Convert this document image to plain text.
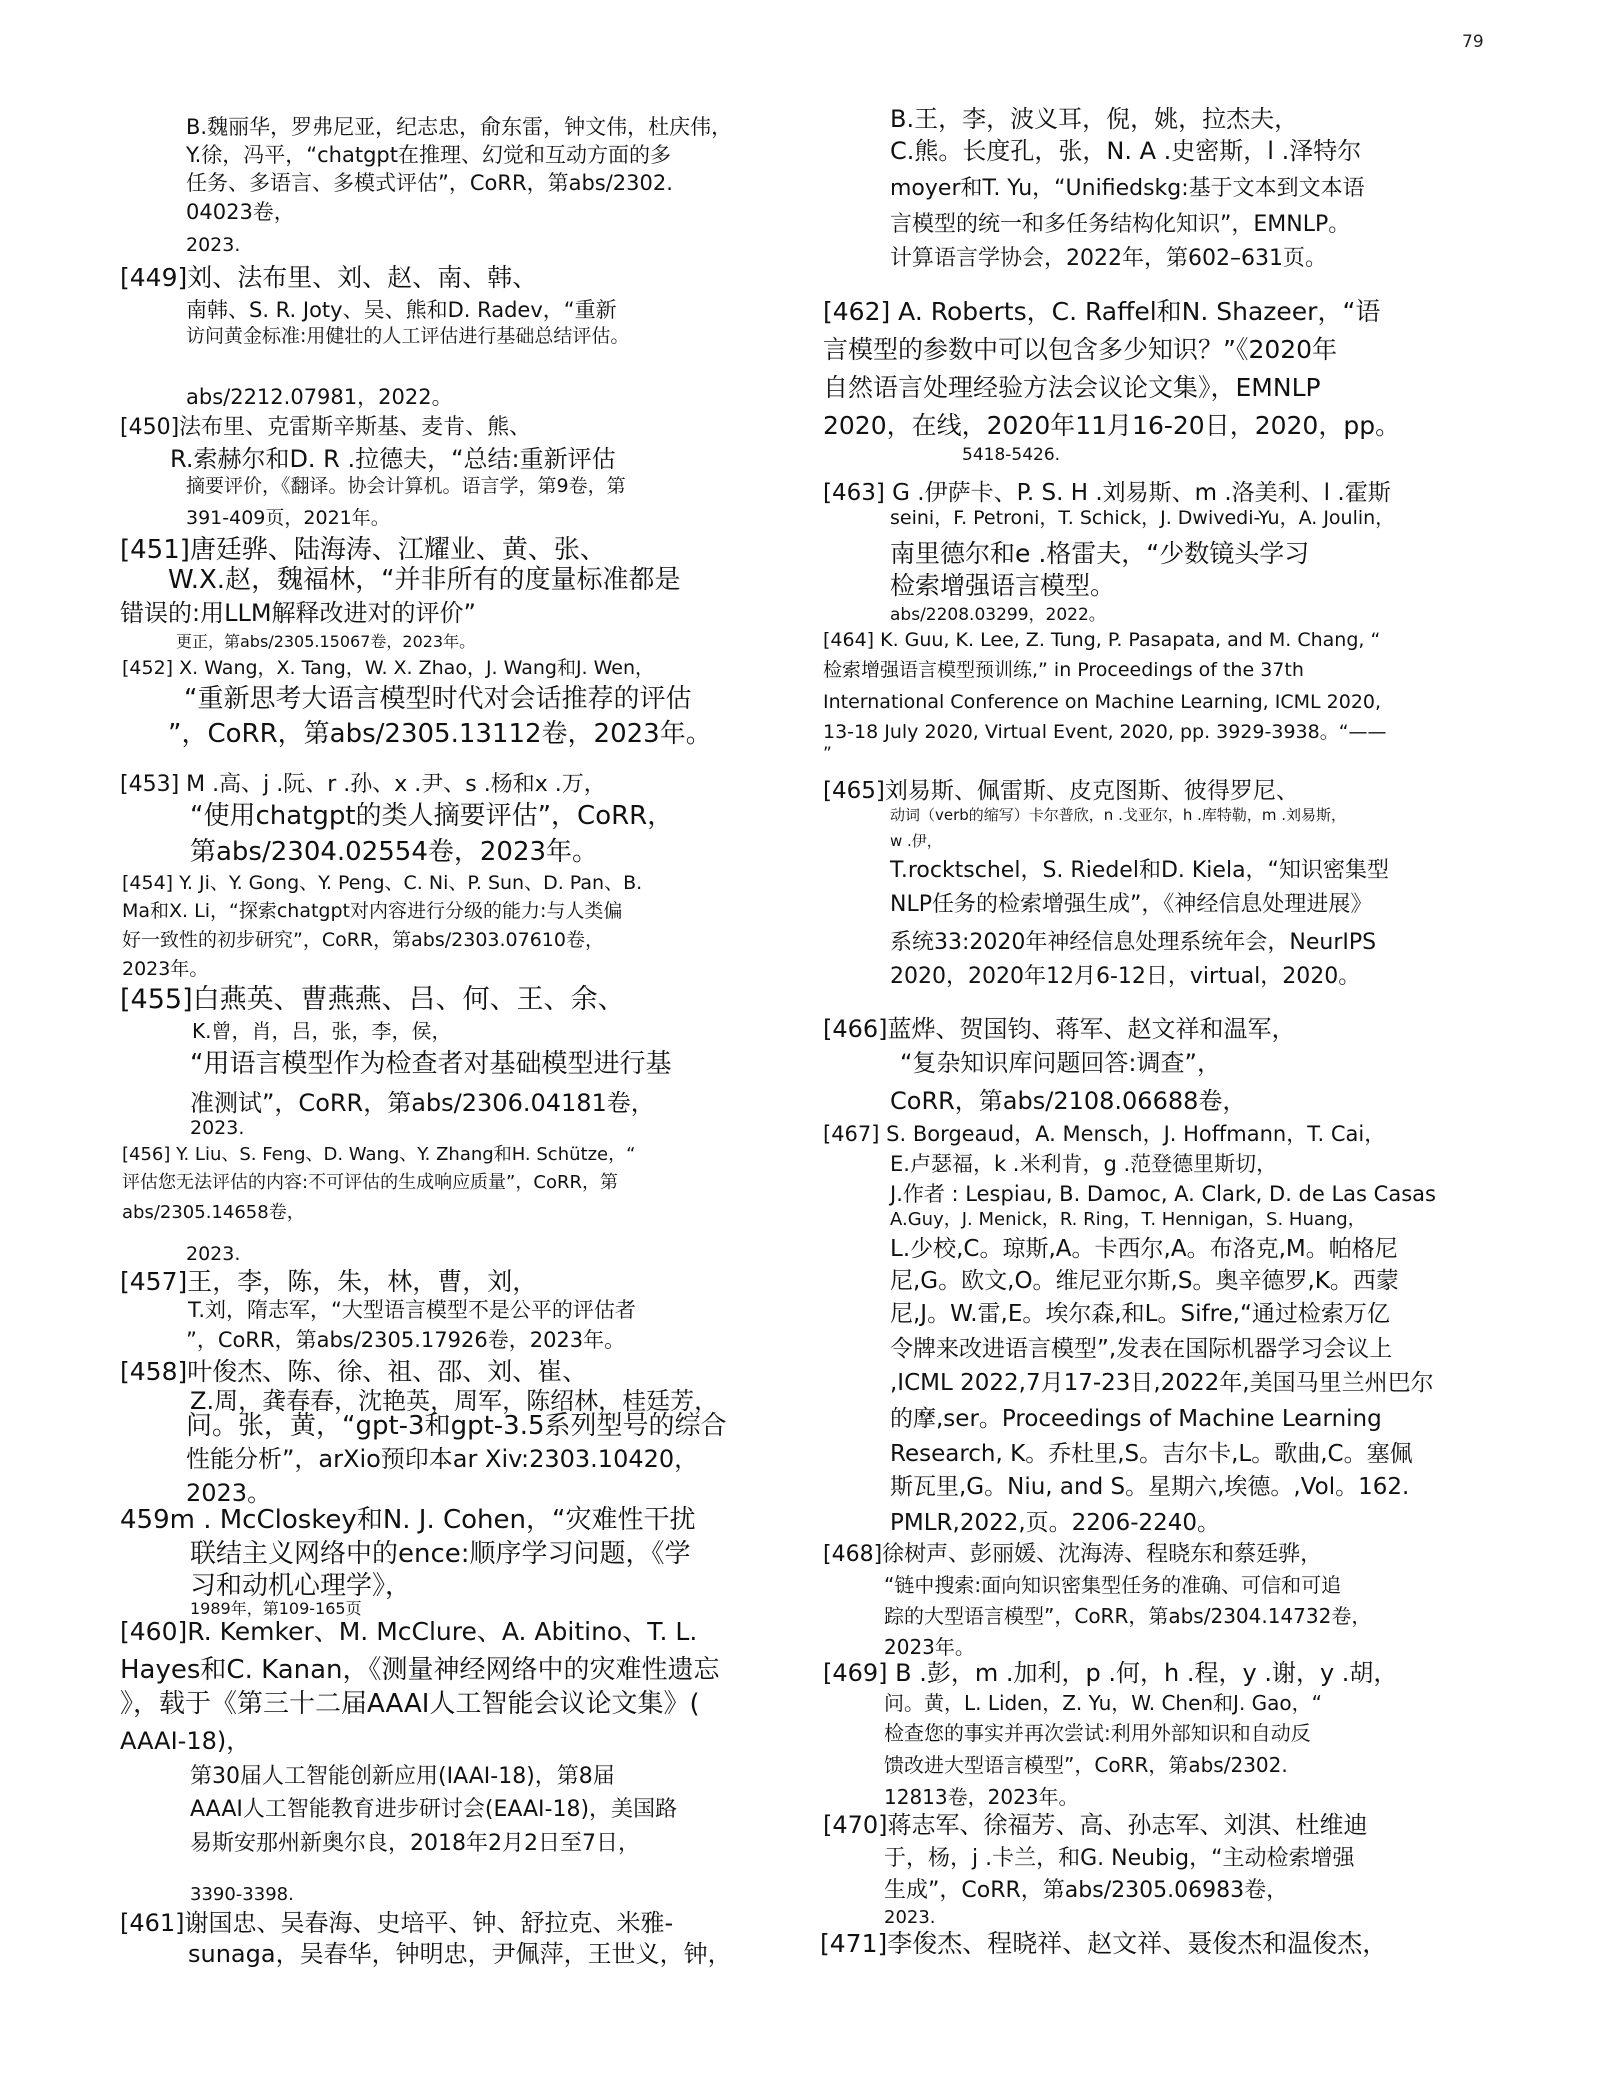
79
B.魏丽华，罗弗尼亚，纪志忠，俞东雷，钟文伟，杜庆伟，
Y.徐，冯平，“chatgpt在推理、幻觉和互动方面的多
任务、多语言、多模式评估”，CoRR，第abs/2302.
04023卷，
2023.
[449]刘、法布里、刘、赵、南、韩、
南韩、S. R. Joty、吴、熊和D. Radev，“重新
访问黄金标准:用健壮的人工评估进行基础总结评估。
abs/2212.07981，2022。
[450]法布里、克雷斯辛斯基、麦肯、熊、
R.索赫尔和D. R .拉德夫，“总结:重新评估
摘要评价，《翻译。协会计算机。语言学，第9卷，第
391-409页，2021年。
[451]唐廷骅、陆海涛、江耀业、黄、张、
W.X.赵，魏福林，“并非所有的度量标准都是
错误的:用LLM解释改进对的评价”
更正，第abs/2305.15067卷，2023年。
[452] X. Wang，X. Tang，W. X. Zhao，J. Wang和J. Wen，
“重新思考大语言模型时代对会话推荐的评估
”，CoRR，第abs/2305.13112卷，2023年。
[453] M .高、j .阮、r .孙、x .尹、s .杨和x .万，
“使用chatgpt的类人摘要评估”，CoRR，
第abs/2304.02554卷，2023年。
[454] Y. Ji、Y. Gong、Y. Peng、C. Ni、P. Sun、D. Pan、B.
Ma和X. Li，“探索chatgpt对内容进行分级的能力:与人类偏
好一致性的初步研究”，CoRR，第abs/2303.07610卷，
2023年。
[455]白燕英、曹燕燕、吕、何、王、余、
K.曾，肖，吕，张，李，侯，
“用语言模型作为检查者对基础模型进行基
准测试”，CoRR，第abs/2306.04181卷，
2023.
[456] Y. Liu、S. Feng、D. Wang、Y. Zhang和H. Schütze，“
评估您无法评估的内容:不可评估的生成响应质量”，CoRR，第
abs/2305.14658卷，
2023.
[457]王，李，陈，朱，林，曹，刘，
T.刘，隋志军，“大型语言模型不是公平的评估者
”，CoRR，第abs/2305.17926卷，2023年。
[458]叶俊杰、陈、徐、祖、邵、刘、崔、
Z.周，龚春春，沈艳英，周军，陈绍林，桂廷芳，
问。张，黄，“gpt-3和gpt-3.5系列型号的综合
性能分析”，arXio预印本ar Xiv:2303.10420，
2023。
459m . McCloskey和N. J. Cohen，“灾难性干扰
联结主义网络中的ence:顺序学习问题，《学
习和动机心理学》，
1989年，第109-165页
[460]R. Kemker、M. McClure、A. Abitino、T. L.
Hayes和C. Kanan，《测量神经网络中的灾难性遗忘
》，载于《第三十二届AAAI人工智能会议论文集》(
AAAI-18)，
第30届人工智能创新应用(IAAI-18)，第8届
AAAI人工智能教育进步研讨会(EAAI-18)，美国路
易斯安那州新奥尔良，2018年2月2日至7日，
3390-3398.
[461]谢国忠、吴春海、史培平、钟、舒拉克、米雅-
sunaga，吴春华，钟明忠，尹佩萍，王世义，钟，
B.王，李，波义耳，倪，姚，拉杰夫，
C.熊。长度孔，张，N. A .史密斯，l .泽特尔
moyer和T. Yu，“Unifiedskg:基于文本到文本语
言模型的统一和多任务结构化知识”，EMNLP。
计算语言学协会，2022年，第602–631页。
[462] A. Roberts，C. Raffel和N. Shazeer，“语
言模型的参数中可以包含多少知识？”《2020年
自然语言处理经验方法会议论文集》，EMNLP
2020，在线，2020年11月16-20日，2020，pp。
5418-5426.
[463] G .伊萨卡、P. S. H .刘易斯、m .洛美利、l .霍斯
seini，F. Petroni，T. Schick，J. Dwivedi-Yu，A. Joulin，
南里德尔和e .格雷夫，“少数镜头学习
检索增强语言模型。
abs/2208.03299，2022。
[464] K. Guu, K. Lee, Z. Tung, P. Pasapata, and M. Chang, “
检索增强语言模型预训练,” in Proceedings of the 37th
International Conference on Machine Learning, ICML 2020,
13-18 July 2020, Virtual Event, 2020, pp. 3929-3938。“——
”
[465]刘易斯、佩雷斯、皮克图斯、彼得罗尼、
动词（verb的缩写）卡尔普欣，n .戈亚尔，h .库特勒，m .刘易斯，
w .伊，
T.rocktschel，S. Riedel和D. Kiela，“知识密集型
NLP任务的检索增强生成”，《神经信息处理进展》
系统33:2020年神经信息处理系统年会，NeurIPS
2020，2020年12月6-12日，virtual，2020。
[466]蓝烨、贺国钧、蒋军、赵文祥和温军，
“复杂知识库问题回答:调查”，
CoRR，第abs/2108.06688卷，
[467] S. Borgeaud，A. Mensch，J. Hoffmann，T. Cai，
E.卢瑟福，k .米利肯，g .范登德里斯切，
J.作者 : Lespiau, B. Damoc, A. Clark, D. de Las Casas
A.Guy，J. Menick，R. Ring，T. Hennigan，S. Huang，
L.少校,C。琼斯,A。卡西尔,A。布洛克,M。帕格尼
尼,G。欧文,O。维尼亚尔斯,S。奥辛德罗,K。西蒙
尼,J。W.雷,E。埃尔森,和L。Sifre,“通过检索万亿
令牌来改进语言模型”,发表在国际机器学习会议上
,ICML 2022,7月17-23日,2022年,美国马里兰州巴尔
的摩,ser。Proceedings of Machine Learning
Research, K。乔杜里,S。吉尔卡,L。歌曲,C。塞佩
斯瓦里,G。Niu, and S。星期六,埃德。,Vol。162.
PMLR,2022,页。2206-2240。
[468]徐树声、彭丽媛、沈海涛、程晓东和蔡廷骅，
“链中搜索:面向知识密集型任务的准确、可信和可追
踪的大型语言模型”，CoRR，第abs/2304.14732卷，
2023年。
[469] B .彭，m .加利，p .何，h .程，y .谢，y .胡，
问。黄，L. Liden，Z. Yu，W. Chen和J. Gao，“
检查您的事实并再次尝试:利用外部知识和自动反
馈改进大型语言模型”，CoRR，第abs/2302.
12813卷，2023年。
[470]蒋志军、徐福芳、高、孙志军、刘淇、杜维迪
于，杨，j .卡兰，和G. Neubig，“主动检索增强
生成”，CoRR，第abs/2305.06983卷，
2023.
[471]李俊杰、程晓祥、赵文祥、聂俊杰和温俊杰，
